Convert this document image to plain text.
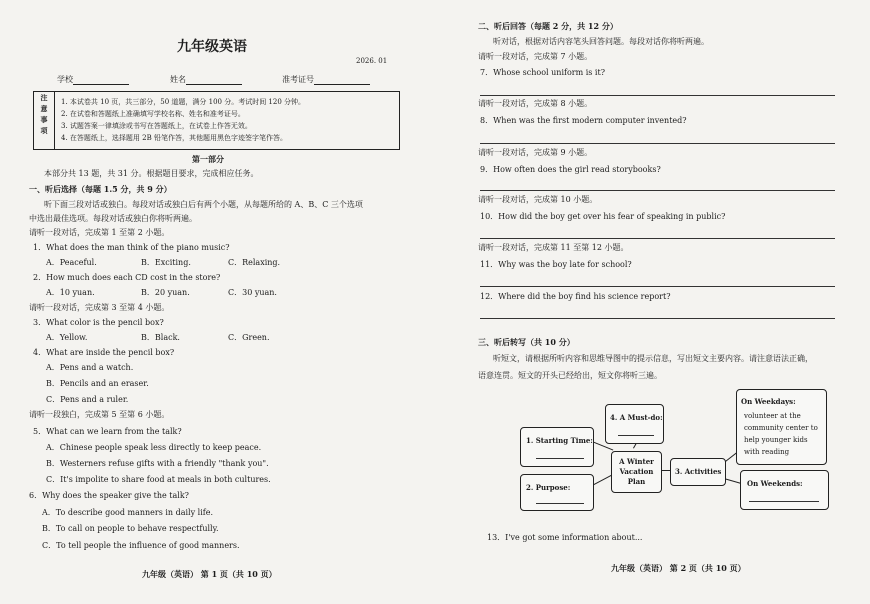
九年级英语
2026. 01
学校	姓名	准考证号
注
意
事
项
1. 本试卷共 10 页，共三部分，50 道题，满分 100 分。考试时间 120 分钟。
2. 在试卷和答题纸上准确填写学校名称、姓名和准考证号。
3. 试题答案一律填涂或书写在答题纸上，在试卷上作答无效。
4. 在答题纸上，选择题用 2B 铅笔作答，其他题用黑色字迹签字笔作答。
第一部分
本部分共 13 题，共 31 分。根据题目要求，完成相应任务。
一、听后选择（每题 1.5 分，共 9 分）
听下面三段对话或独白。每段对话或独白后有两个小题，从每题所给的 A、B、C 三个选项
中选出最佳选项。每段对话或独白你将听两遍。
请听一段对话，完成第 1 至第 2 小题。
1．What does the man think of the piano music?
A．Peaceful.	B．Exciting.	C．Relaxing.
2．How much does each CD cost in the store?
A．10 yuan.	B．20 yuan.	C．30 yuan.
请听一段对话，完成第 3 至第 4 小题。
3．What color is the pencil box?
A．Yellow.	B．Black.	C．Green.
4．What are inside the pencil box?
A．Pens and a watch.
B．Pencils and an eraser.
C．Pens and a ruler.
请听一段独白，完成第 5 至第 6 小题。
5．What can we learn from the talk?
A．Chinese people speak less directly to keep peace.
B．Westerners refuse gifts with a friendly "thank you".
C．It's impolite to share food at meals in both cultures.
6．Why does the speaker give the talk?
A．To describe good manners in daily life.
B．To call on people to behave respectfully.
C．To tell people the influence of good manners.
九年级（英语） 第 1 页（共 10 页）
二、听后回答（每题 2 分，共 12 分）
听对话，根据对话内容笔头回答问题。每段对话你将听两遍。
请听一段对话，完成第 7 小题。
7．Whose school uniform is it?
请听一段对话，完成第 8 小题。
8．When was the first modern computer invented?
请听一段对话，完成第 9 小题。
9．How often does the girl read storybooks?
请听一段对话，完成第 10 小题。
10．How did the boy get over his fear of speaking in public?
请听一段对话，完成第 11 至第 12 小题。
11．Why was the boy late for school?
12．Where did the boy find his science report?
三、听后转写（共 10 分）
听短文，请根据所听内容和思维导图中的提示信息，写出短文主要内容。请注意语法正确，
语意连贯。短文的开头已经给出，短文你将听三遍。
1. Starting Time:
2. Purpose:
4. A Must-do:
A Winter
Vacation
Plan
3. Activities
On Weekdays:
volunteer at the
community center to
help younger kids
with reading
On Weekends:
13．I've got some information about...
九年级（英语） 第 2 页（共 10 页）
